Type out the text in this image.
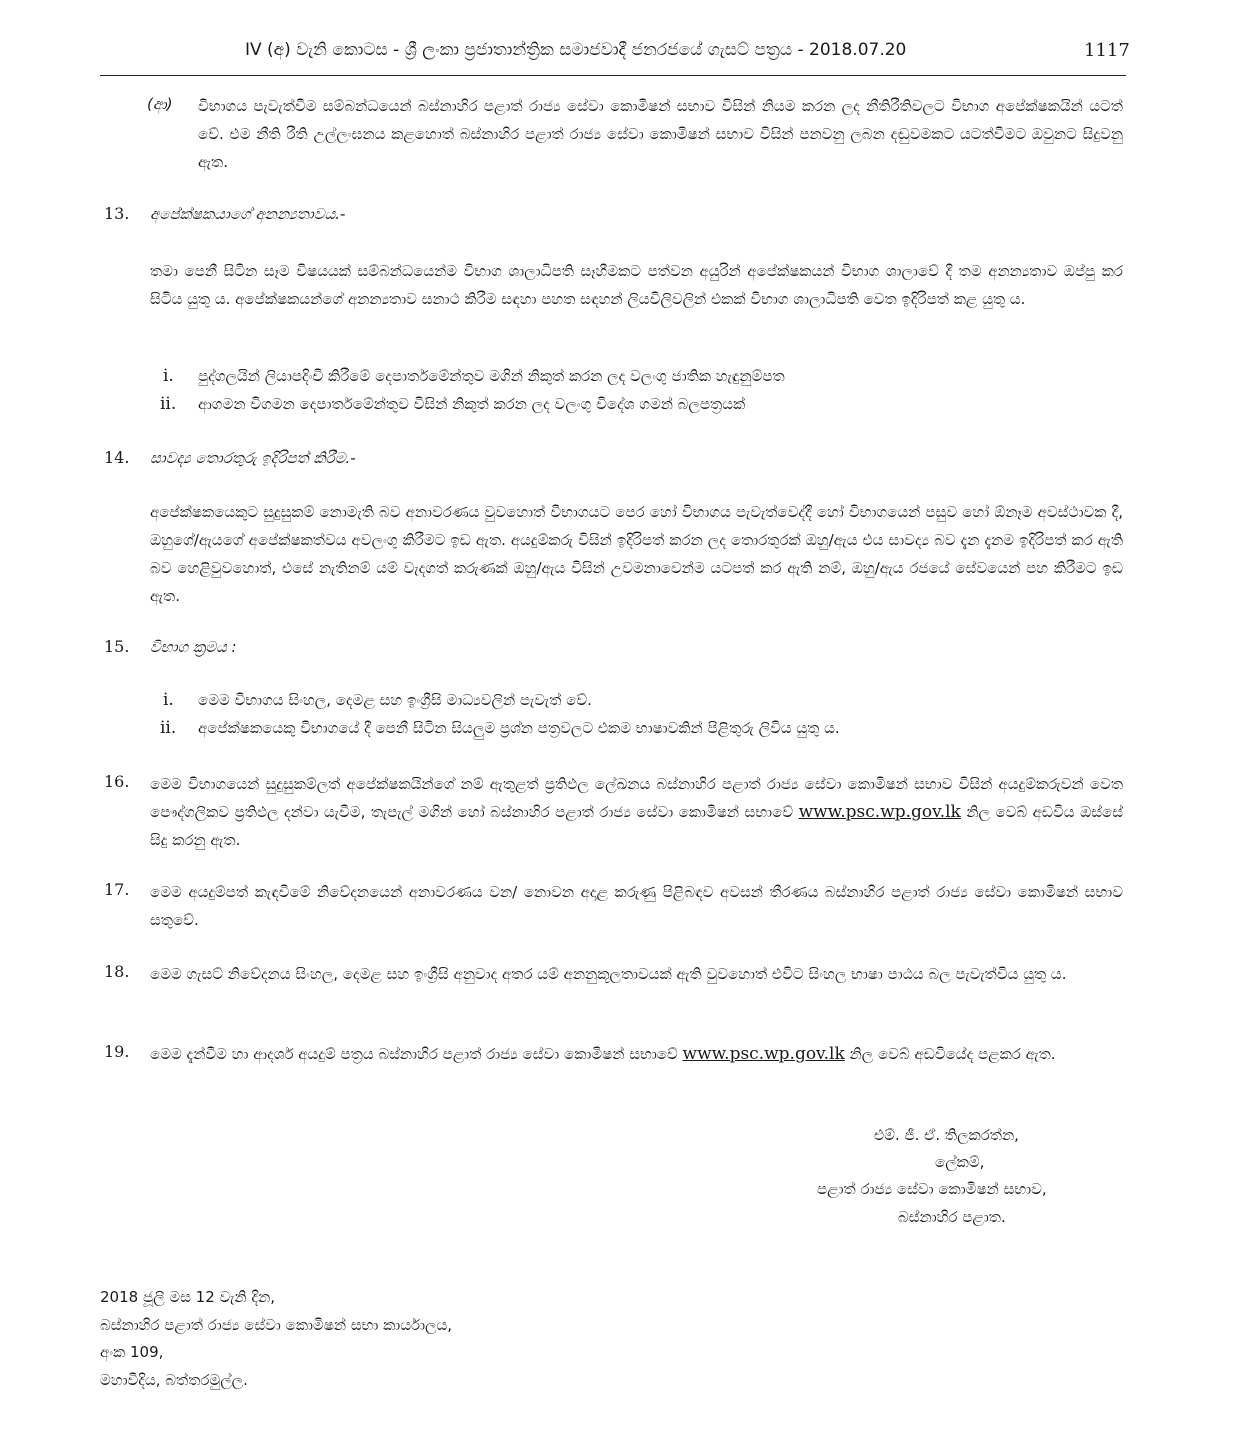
IV (අ) වැනි කොටස - ශ්‍රී ලංකා ප්‍රජාතාන්ත්‍රික සමාජවාදී ජනරජයේ ගැසට් පත්‍රය - 2018.07.20	1117
(ආ) විභාගය පැවැත්වීම සම්බන්ධයෙන් බස්නාහිර පළාත් රාජ්‍ය සේවා කොමිෂන් සභාව විසින් නියම කරන ලද නීතිරීතිවලට විභාග අපේක්ෂකයින් යටත් වේ. එම නීති රීති උල්ලංඝනය කළහොත් බස්නාහිර පළාත් රාජ්‍ය සේවා කොමිෂන් සභාව විසින් පනවනු ලබන දඬුවමකට යටත්වීමට ඔවුනට සිදුවනු ඇත.
13. අපේක්ෂකයාගේ අනන්‍යතාවය.-
තමා පෙනී සිටින සෑම විෂයයක් සම්බන්ධයෙන්ම විභාග ශාලාධිපති සෑහීමකට පත්වන අයුරින් අපේක්ෂකයන් විභාග ශාලාවේ දී තම අනන්‍යතාව ඔප්පු කර සිටිය යුතු ය. අපේක්ෂකයන්ගේ අනන්‍යතාව සනාථ කිරීම සඳහා පහත සඳහන් ලියවිලිවලින් එකක් විභාග ශාලාධිපති වෙත ඉදිරිපත් කළ යුතු ය.
i. පුද්ගලයින් ලියාපදිංචි කිරීමේ දෙපාර්තමේන්තුව මගින් නිකුත් කරන ලද වලංගු ජාතික හැඳුනුම්පත
ii. ආගමන විගමන දෙපාර්තමේන්තුව විසින් නිකුත් කරන ලද වලංගු විදේශ ගමන් බලපත්‍රයක්
14. සාවද්‍ය තොරතුරු ඉදිරිපත් කිරීම.-
අපේක්ෂකයෙකුට සුදුසුකම් නොමැති බව අනාවරණය වුවහොත් විභාගයට පෙර හෝ විභාගය පැවැත්වෙද්දී හෝ විභාගයෙන් පසුව හෝ ඕනෑම අවස්ථාවක දී, ඔහුගේ/ඇයගේ අපේක්ෂකත්වය අවලංගු කිරීමට ඉඩ ඇත. අයදුම්කරු විසින් ඉදිරිපත් කරන ලද තොරතුරක් ඔහු/ඇය එය සාවද්‍ය බව දැන දැනම ඉදිරිපත් කර ඇති බව හෙළිවුවහොත්, එසේ නැතිනම් යම් වැදගත් කරුණක් ඔහු/ඇය විසින් උවමනාවෙන්ම යටපත් කර ඇති නම්, ඔහු/ඇය රජයේ සේවයෙන් පහ කිරීමට ඉඩ ඇත.
15. විභාග ක්‍රමය :
i. මෙම විභාගය සිංහල, දෙමළ සහ ඉංග්‍රීසි මාධ්‍යවලින් පැවැත් වේ.
ii. අපේක්ෂකයෙකු විභාගයේ දී පෙනී සිටින සියලුම ප්‍රශ්න පත්‍රවලට එකම භාෂාවකින් පිළිතුරු ලිවිය යුතු ය.
16. මෙම විභාගයෙන් සුදුසුකම්ලත් අපේක්ෂකයින්ගේ නම් ඇතුළත් ප්‍රතිඵල ලේඛනය බස්නාහිර පළාත් රාජ්‍ය සේවා කොමිෂන් සභාව විසින් අයදුම්කරුවන් වෙත පෞද්ගලිකව ප්‍රතිඵල දන්වා යැවීම, තැපැල් මගින් හෝ බස්නාහිර පළාත් රාජ්‍ය සේවා කොමිෂන් සභාවේ www.psc.wp.gov.lk නිල වෙබ් අඩවිය ඔස්සේ සිදු කරනු ඇත.
17. මෙම අයදුම්පත් කැඳවීමේ නිවේදනයෙන් අනාවරණය වන/ නොවන අදාළ කරුණු පිළිබඳව අවසන් තීරණය බස්නාහිර පළාත් රාජ්‍ය සේවා කොමිෂන් සභාව සතුවේ.
18. මෙම ගැසට් නිවේදනය සිංහල, දෙමළ සහ ඉංග්‍රීසි අනුවාද අතර යම් අනනුකූලතාවයක් ඇති වුවහොත් එවිට සිංහල භාෂා පාඨය බල පැවැත්විය යුතු ය.
19. මෙම දැන්වීම හා ආදර්ශ අයදුම් පත්‍රය බස්නාහිර පළාත් රාජ්‍ය සේවා කොමිෂන් සභාවේ www.psc.wp.gov.lk නිල වෙබ් අඩවියේද පළකර ඇත.
එම්. ජී. ඒ. තිලකරත්න,
ලේකම්,
පළාත් රාජ්‍ය සේවා කොමිෂන් සභාව,
බස්නාහිර පළාත.
2018 ජූලි මස 12 වැනි දින,
බස්නාහිර පළාත් රාජ්‍ය සේවා කොමිෂන් සභා කාර්යාලය,
අංක 109,
මහාවීදිය, බත්තරමුල්ල.
